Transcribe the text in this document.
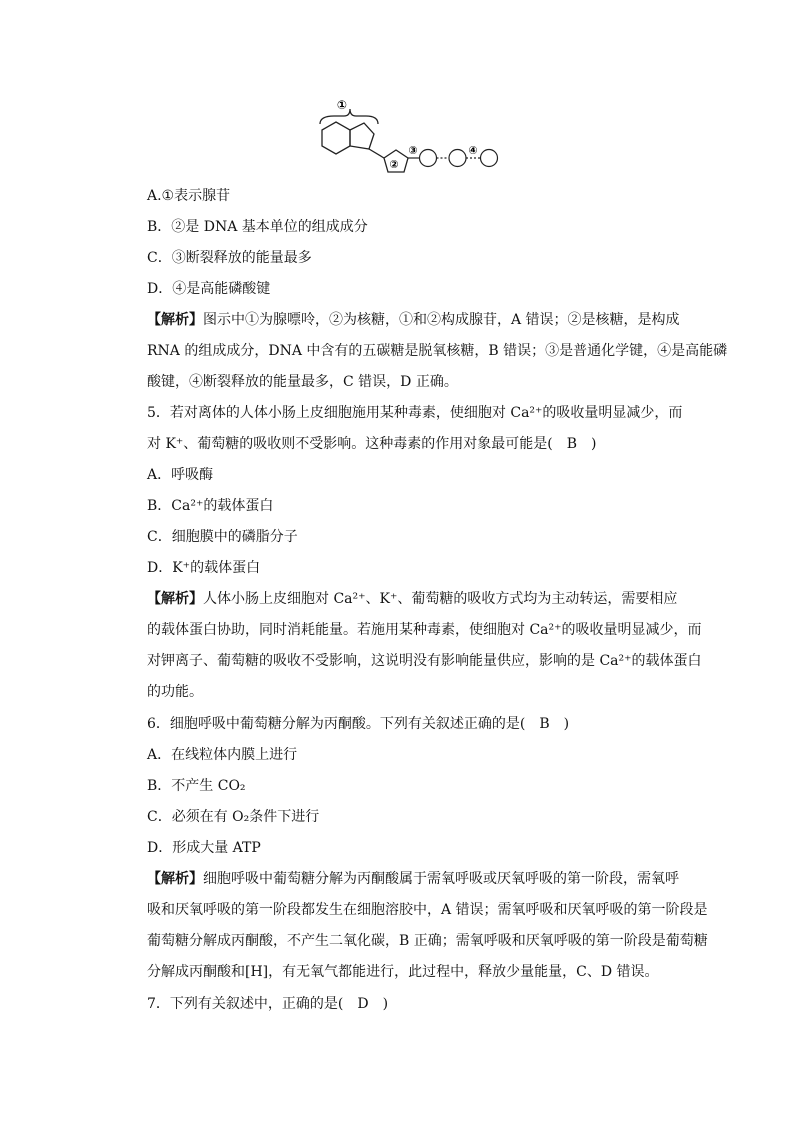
①
②
③	④
A.①表示腺苷
B．②是 DNA 基本单位的组成成分
C．③断裂释放的能量最多
D．④是高能磷酸键
【解析】图示中①为腺嘌呤，②为核糖，①和②构成腺苷，A 错误；②是核糖，是构成
RNA 的组成成分，DNA 中含有的五碳糖是脱氧核糖，B 错误；③是普通化学键，④是高能磷
酸键，④断裂释放的能量最多，C 错误，D 正确。
5．若对离体的人体小肠上皮细胞施用某种毒素，使细胞对 Ca²⁺的吸收量明显减少，而
对 K⁺、葡萄糖的吸收则不受影响。这种毒素的作用对象最可能是(　B　)
A．呼吸酶
B．Ca²⁺的载体蛋白
C．细胞膜中的磷脂分子
D．K⁺的载体蛋白
【解析】人体小肠上皮细胞对 Ca²⁺、K⁺、葡萄糖的吸收方式均为主动转运，需要相应
的载体蛋白协助，同时消耗能量。若施用某种毒素，使细胞对 Ca²⁺的吸收量明显减少，而
对钾离子、葡萄糖的吸收不受影响，这说明没有影响能量供应，影响的是 Ca²⁺的载体蛋白
的功能。
6．细胞呼吸中葡萄糖分解为丙酮酸。下列有关叙述正确的是(　B　)
A．在线粒体内膜上进行
B．不产生 CO₂
C．必须在有 O₂条件下进行
D．形成大量 ATP
【解析】细胞呼吸中葡萄糖分解为丙酮酸属于需氧呼吸或厌氧呼吸的第一阶段，需氧呼
吸和厌氧呼吸的第一阶段都发生在细胞溶胶中，A 错误；需氧呼吸和厌氧呼吸的第一阶段是
葡萄糖分解成丙酮酸，不产生二氧化碳，B 正确；需氧呼吸和厌氧呼吸的第一阶段是葡萄糖
分解成丙酮酸和[H]，有无氧气都能进行，此过程中，释放少量能量，C、D 错误。
7．下列有关叙述中，正确的是(　D　)
